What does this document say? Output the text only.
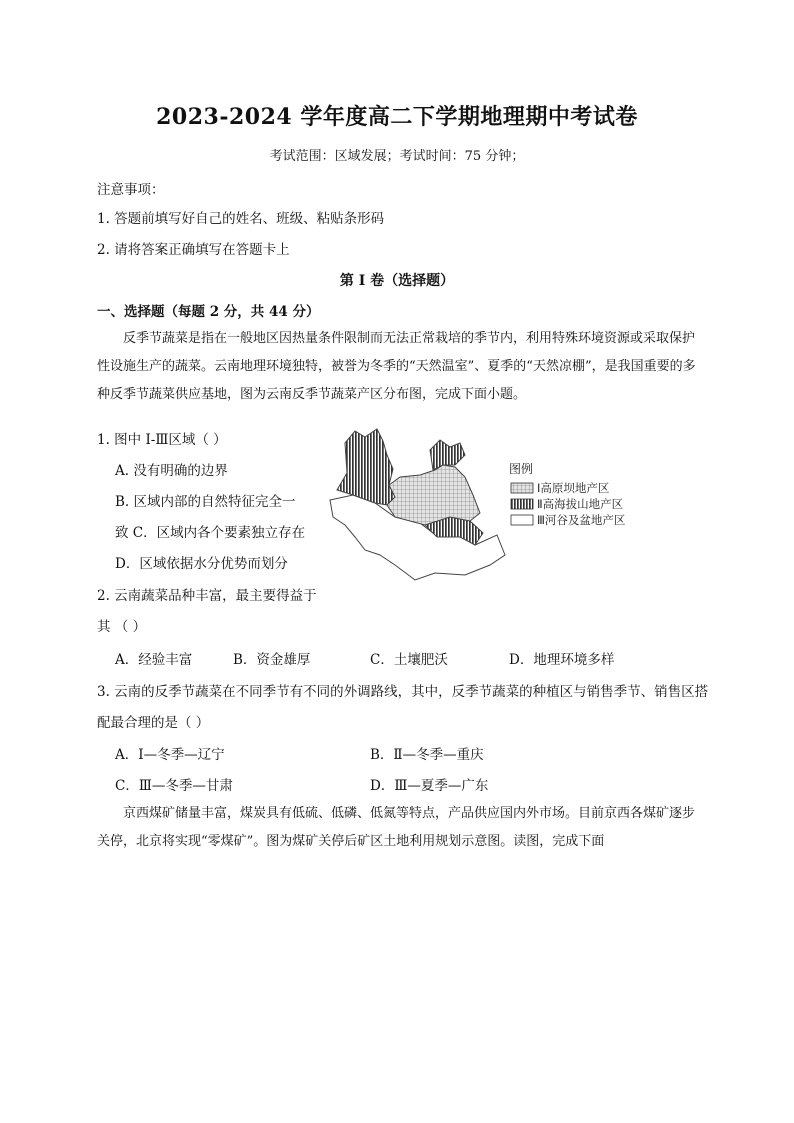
2023-2024 学年度高二下学期地理期中考试卷
考试范围：区域发展；考试时间：75 分钟；
注意事项：
1. 答题前填写好自己的姓名、班级、粘贴条形码
2. 请将答案正确填写在答题卡上
第 I 卷（选择题）
一、选择题（每题 2 分，共 44 分）
反季节蔬菜是指在一般地区因热量条件限制而无法正常栽培的季节内，利用特殊环境资源或采取保护性设施生产的蔬菜。云南地理环境独特，被誉为冬季的“天然温室”、夏季的“天然凉棚”，是我国重要的多种反季节蔬菜供应基地，图为云南反季节蔬菜产区分布图，完成下面小题。
1. 图中 I-Ⅲ区域（ ）
A. 没有明确的边界
B. 区域内部的自然特征完全一
致 C．区域内各个要素独立存在
D．区域依据水分优势而划分
图例
Ⅰ高原坝地产区
Ⅱ高海拔山地产区
Ⅲ河谷及盆地产区
2. 云南蔬菜品种丰富，最主要得益于
其 （ ）
A．经验丰富	B．资金雄厚	C．土壤肥沃	D．地理环境多样
3. 云南的反季节蔬菜在不同季节有不同的外调路线，其中，反季节蔬菜的种植区与销售季节、销售区搭
配最合理的是（ ）
A．Ⅰ—冬季—辽宁	B．Ⅱ—冬季—重庆
C．Ⅲ—冬季—甘肃	D．Ⅲ—夏季—广东
京西煤矿储量丰富，煤炭具有低硫、低磷、低氮等特点，产品供应国内外市场。目前京西各煤矿逐步关停，北京将实现“零煤矿”。图为煤矿关停后矿区土地利用规划示意图。读图，完成下面
